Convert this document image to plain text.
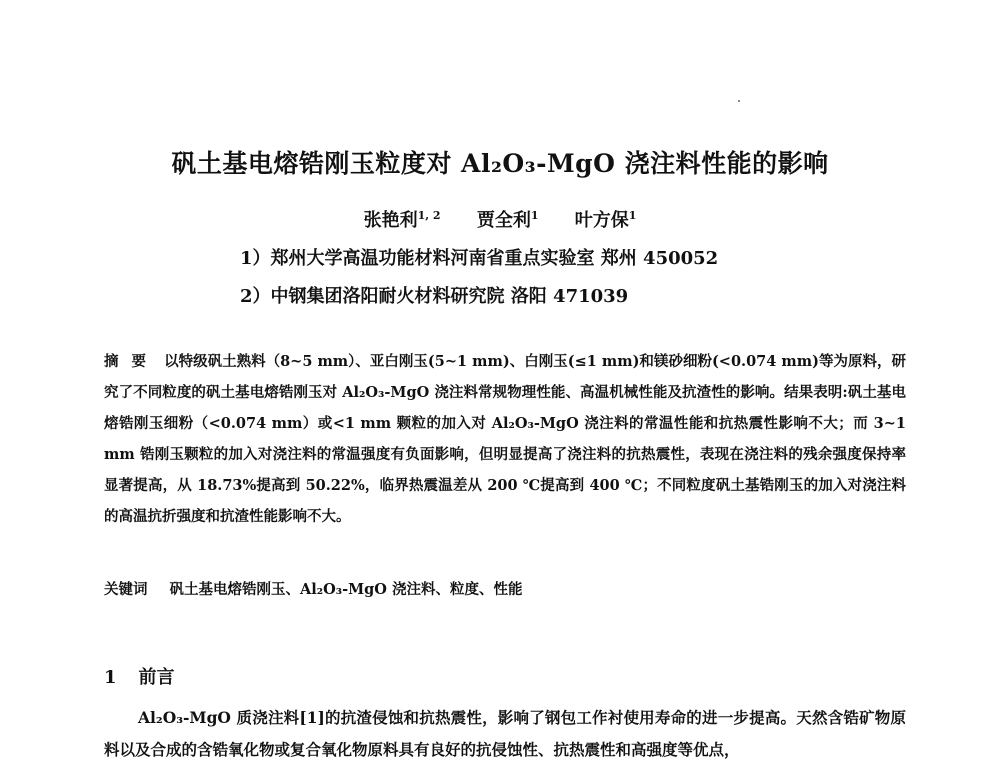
矾土基电熔锆刚玉粒度对 Al₂O₃-MgO 浇注料性能的影响
张艳利$^{1, 2}$ 贾全利$^1$ 叶方保$^1$
1）郑州大学高温功能材料河南省重点实验室 郑州 450052
2）中钢集团洛阳耐火材料研究院 洛阳 471039
摘 要 以特级矾土熟料（8~5 mm）、亚白刚玉(5~1 mm)、白刚玉(≤1 mm)和镁砂细粉(<0.074 mm)等为原料，研究了不同粒度的矾土基电熔锆刚玉对 Al₂O₃-MgO 浇注料常规物理性能、高温机械性能及抗渣性的影响。结果表明:矾土基电熔锆刚玉细粉（<0.074 mm）或<1 mm 颗粒的加入对 Al₂O₃-MgO 浇注料的常温性能和抗热震性影响不大；而 3~1 mm 锆刚玉颗粒的加入对浇注料的常温强度有负面影响，但明显提高了浇注料的抗热震性，表现在浇注料的残余强度保持率显著提高，从 18.73%提高到 50.22%，临界热震温差从 200 ℃提高到 400 ℃；不同粒度矾土基锆刚玉的加入对浇注料的高温抗折强度和抗渣性能影响不大。
关键词 矾土基电熔锆刚玉、Al₂O₃-MgO 浇注料、粒度、性能
1 前言
Al₂O₃-MgO 质浇注料[1]的抗渣侵蚀和抗热震性，影响了钢包工作衬使用寿命的进一步提高。天然含锆矿物原料以及合成的含锆氧化物或复合氧化物原料具有良好的抗侵蚀性、抗热震性和高强度等优点，
